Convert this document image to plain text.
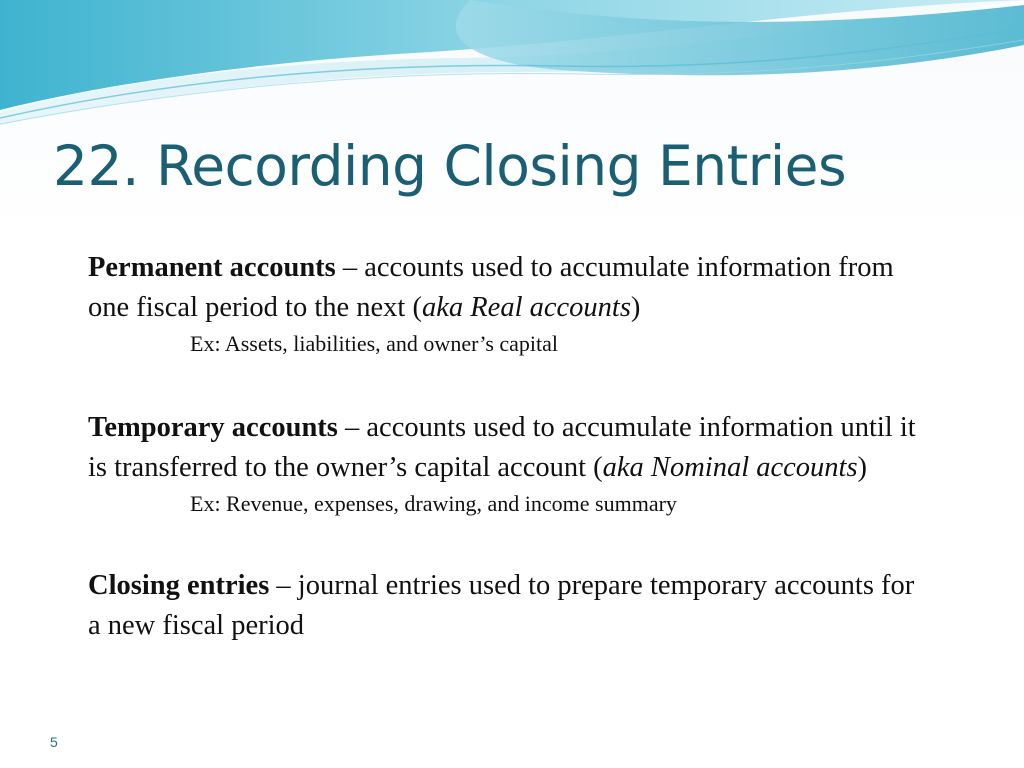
22. Recording Closing Entries

Permanent accounts – accounts used to accumulate information from one fiscal period to the next (aka Real accounts)

Ex: Assets, liabilities, and owner’s capital

Temporary accounts – accounts used to accumulate information until it is transferred to the owner’s capital account (aka Nominal accounts)

Ex: Revenue, expenses, drawing, and income summary

Closing entries – journal entries used to prepare temporary accounts for a new fiscal period

5
